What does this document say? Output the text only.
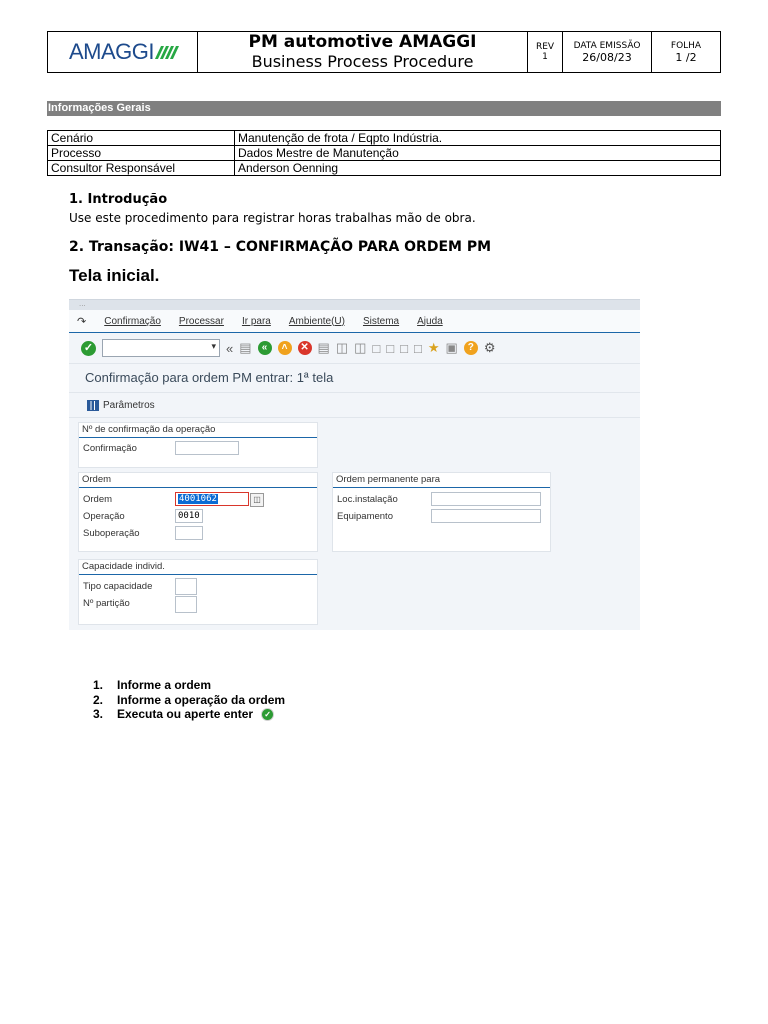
AMAGGI	PM automotive AMAGGI
Business Process Procedure
REV
1
DATA EMISSÃO
26/08/23
FOLHA
1 /2
Informações Gerais
Cenário	Manutenção de frota / Eqpto Indústria.
Processo	Dados Mestre de Manutenção
Consultor Responsável	Anderson Oenning
1. Introdução
Use este procedimento para registrar horas trabalhas mão de obra.
2. Transação: IW41 – CONFIRMAÇÃO PARA ORDEM PM
Tela inicial.
...
↷ Confirmação Processar Ir para Ambiente(U) Sistema Ajuda
✓	▾ « ▤	«	˄	✕ ▤ ◫ ◫ □ □ □ □ ★ ▣ ? ⚙
Confirmação para ordem PM entrar: 1ª tela
Parâmetros
Nº de confirmação da operação
Confirmação
Ordem
Ordem	4001062	◫
Operação	0010
Suboperação
Ordem permanente para
Loc.instalação
Equipamento
Capacidade individ.
Tipo capacidade
Nº partição
1.	Informe a ordem
2.	Informe a operação da ordem
3.	Executa ou aperte enter	✓
